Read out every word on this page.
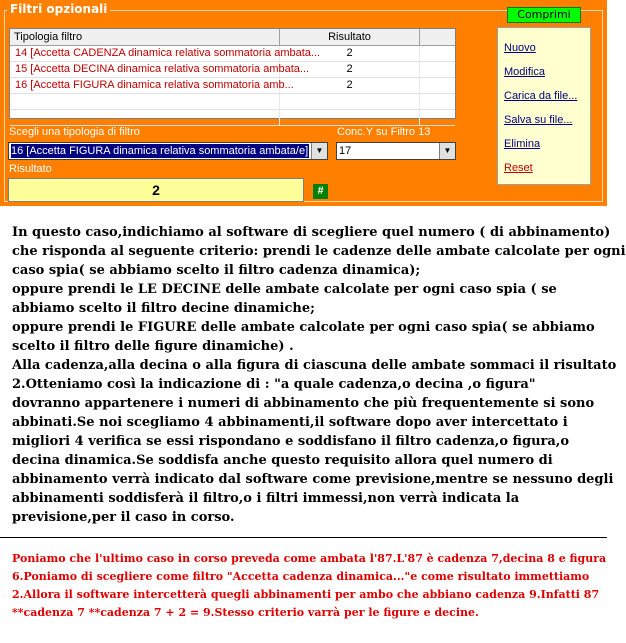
Filtri opzionali	Comprimi
Tipologia filtro	Risultato
14 [Accetta CADENZA dinamica relativa sommatoria ambata...	2
15 [Accetta DECINA dinamica relativa sommatoria ambata...	2
16 [Accetta FIGURA dinamica relativa sommatoria amb...	2
Scegli una tipologia di filtro
16 [Accetta FIGURA dinamica relativa sommatoria ambata/e] ▼
Conc.Y su Filtro 13
17	▼
Risultato
2	#
Nuovo
Modifica
Carica da file...
Salva su file...
Elimina
Reset
In questo caso,indichiamo al software di scegliere quel numero ( di abbinamento)
che risponda al seguente criterio: prendi le cadenze delle ambate calcolate per ogni
caso spia( se abbiamo scelto il filtro cadenza dinamica);
oppure prendi le LE DECINE delle ambate calcolate per ogni caso spia ( se
abbiamo scelto il filtro decine dinamiche;
oppure prendi le FIGURE delle ambate calcolate per ogni caso spia( se abbiamo
scelto il filtro delle figure dinamiche) .
Alla cadenza,alla decina o alla figura di ciascuna delle ambate sommaci il risultato
2.Otteniamo così la indicazione di : "a quale cadenza,o decina ,o figura"
dovranno appartenere i numeri di abbinamento che più frequentemente si sono
abbinati.Se noi scegliamo 4 abbinamenti,il software dopo aver intercettato i
migliori 4 verifica se essi rispondano e soddisfano il filtro cadenza,o figura,o
decina dinamica.Se soddisfa anche questo requisito allora quel numero di
abbinamento verrà indicato dal software come previsione,mentre se nessuno degli
abbinamenti soddisferà il filtro,o i filtri immessi,non verrà indicata la
previsione,per il caso in corso.
Poniamo che l'ultimo caso in corso preveda come ambata l'87.L'87 è cadenza 7,decina 8 e figura
6.Poniamo di scegliere come filtro "Accetta cadenza dinamica..."e come risultato immettiamo
2.Allora il software intercetterà quegli abbinamenti per ambo che abbiano cadenza 9.Infatti 87
**cadenza 7 **cadenza 7 + 2 = 9.Stesso criterio varrà per le figure e decine.
